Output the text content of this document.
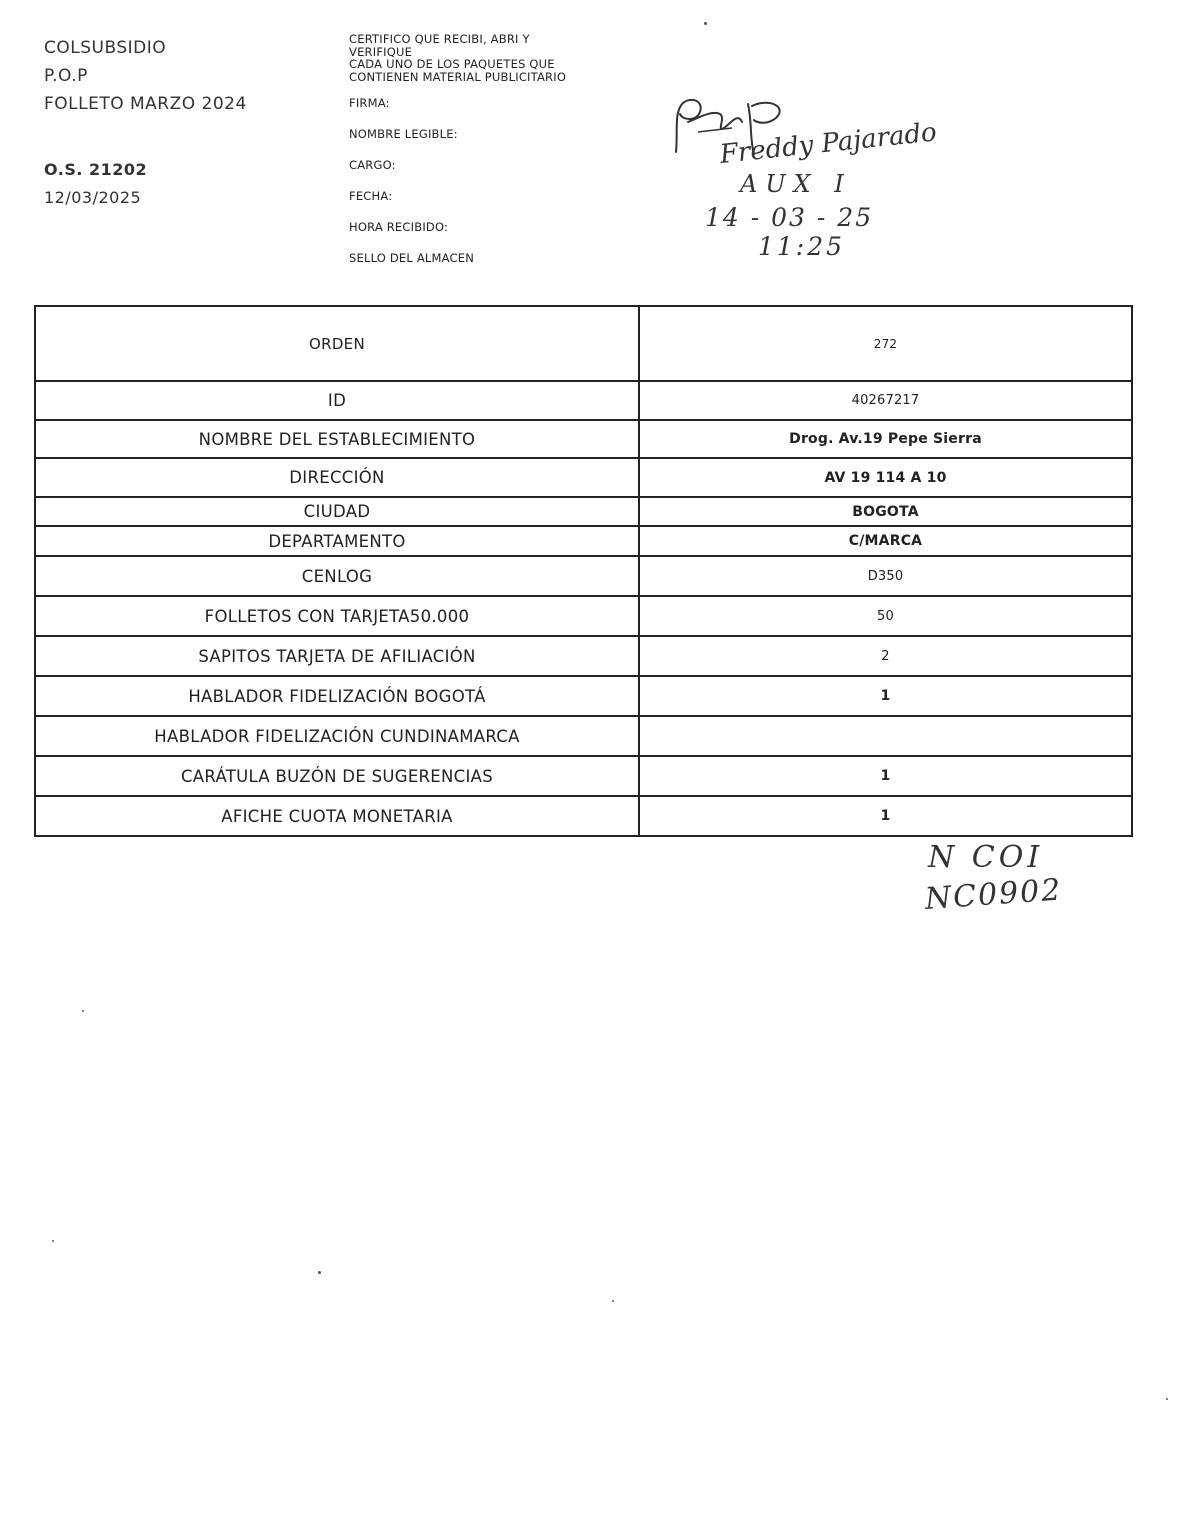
COLSUBSIDIO
P.O.P
FOLLETO MARZO 2024
O.S. 21202
12/03/2025
CERTIFICO QUE RECIBI, ABRI Y
VERIFIQUE
CADA UNO DE LOS PAQUETES QUE
CONTIENEN MATERIAL PUBLICITARIO
FIRMA:
NOMBRE LEGIBLE:
CARGO:
FECHA:
HORA RECIBIDO:
SELLO DEL ALMACEN
Freddy Pajarado
AUX I
14 - 03 - 25
11:25
N COI
NC0902
ORDEN	272
ID	40267217
NOMBRE DEL ESTABLECIMIENTO	Drog. Av.19 Pepe Sierra
DIRECCIÓN	AV 19 114 A 10
CIUDAD	BOGOTA
DEPARTAMENTO	C/MARCA
CENLOG	D350
FOLLETOS CON TARJETA50.000	50
SAPITOS TARJETA DE AFILIACIÓN	2
HABLADOR FIDELIZACIÓN BOGOTÁ	1
HABLADOR FIDELIZACIÓN CUNDINAMARCA	
CARÁTULA BUZÓN DE SUGERENCIAS	1
AFICHE CUOTA MONETARIA	1
